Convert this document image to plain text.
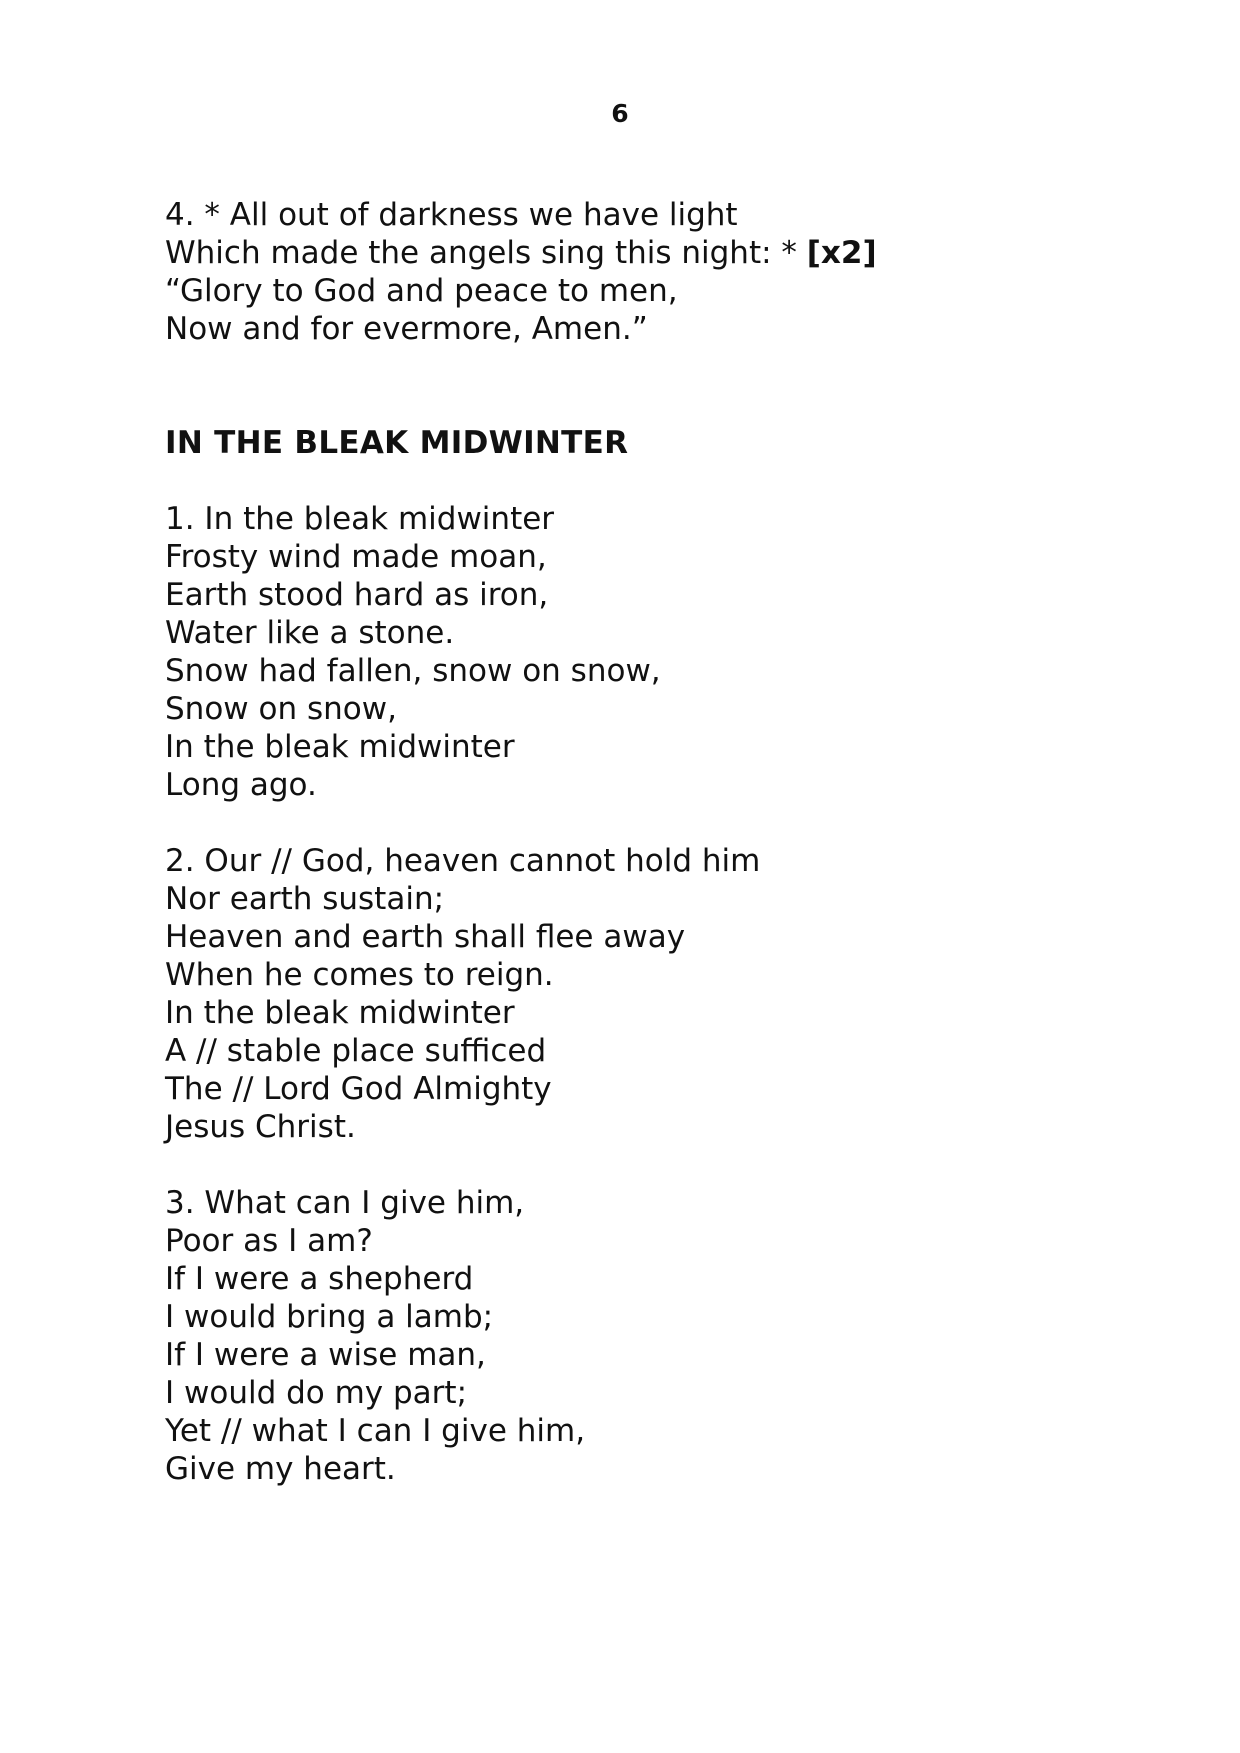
6
4. * All out of darkness we have light
Which made the angels sing this night: * [x2]
“Glory to God and peace to men,
Now and for evermore, Amen.”
IN THE BLEAK MIDWINTER
1. In the bleak midwinter
Frosty wind made moan,
Earth stood hard as iron,
Water like a stone.
Snow had fallen, snow on snow,
Snow on snow,
In the bleak midwinter
Long ago.
2. Our // God, heaven cannot hold him
Nor earth sustain;
Heaven and earth shall flee away
When he comes to reign.
In the bleak midwinter
A // stable place sufficed
The // Lord God Almighty
Jesus Christ.
3. What can I give him,
Poor as I am?
If I were a shepherd
I would bring a lamb;
If I were a wise man,
I would do my part;
Yet // what I can I give him,
Give my heart.
